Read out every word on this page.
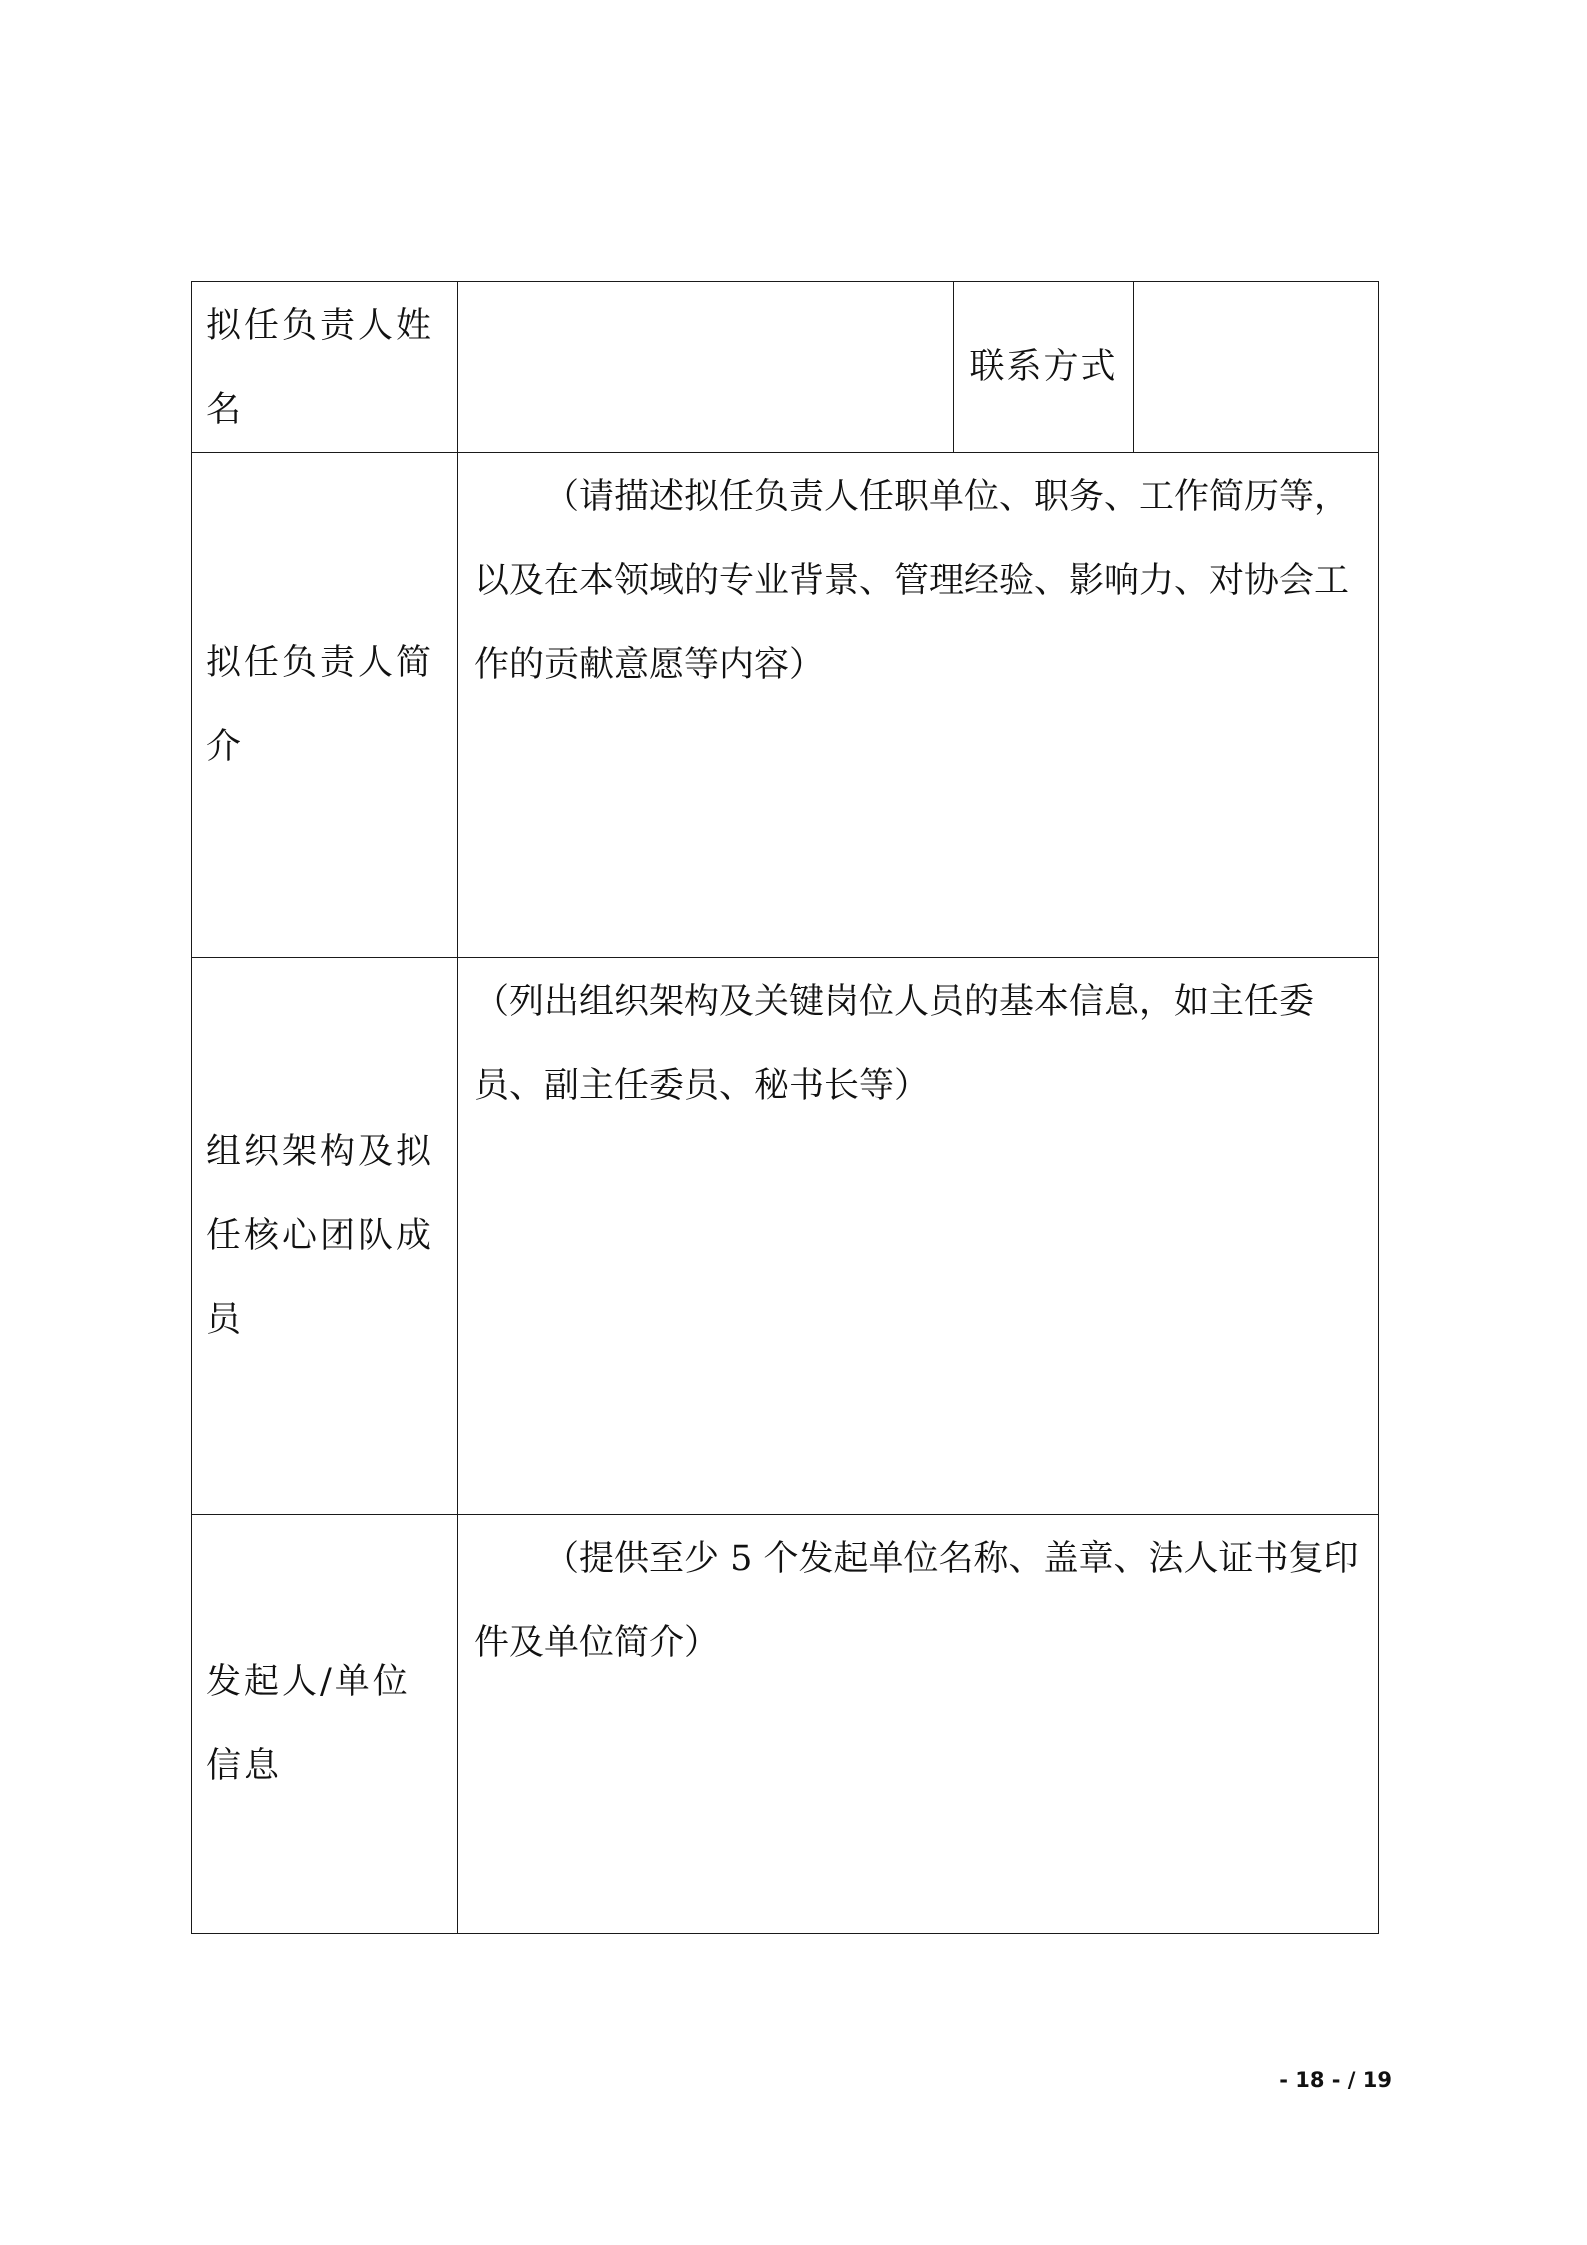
拟任负责人姓名		联系方式	
拟任负责人简介	（请描述拟任负责人任职单位、职务、工作简历等，以及在本领域的专业背景、管理经验、影响力、对协会工作的贡献意愿等内容）		

组织架构及拟任核心团队成员	（列出组织架构及关键岗位人员的基本信息，如主任委员、副主任委员、秘书长等）		

发起人/单位信息	（提供至少 5 个发起单位名称、盖章、法人证书复印件及单位简介）		
- 18 - / 19
